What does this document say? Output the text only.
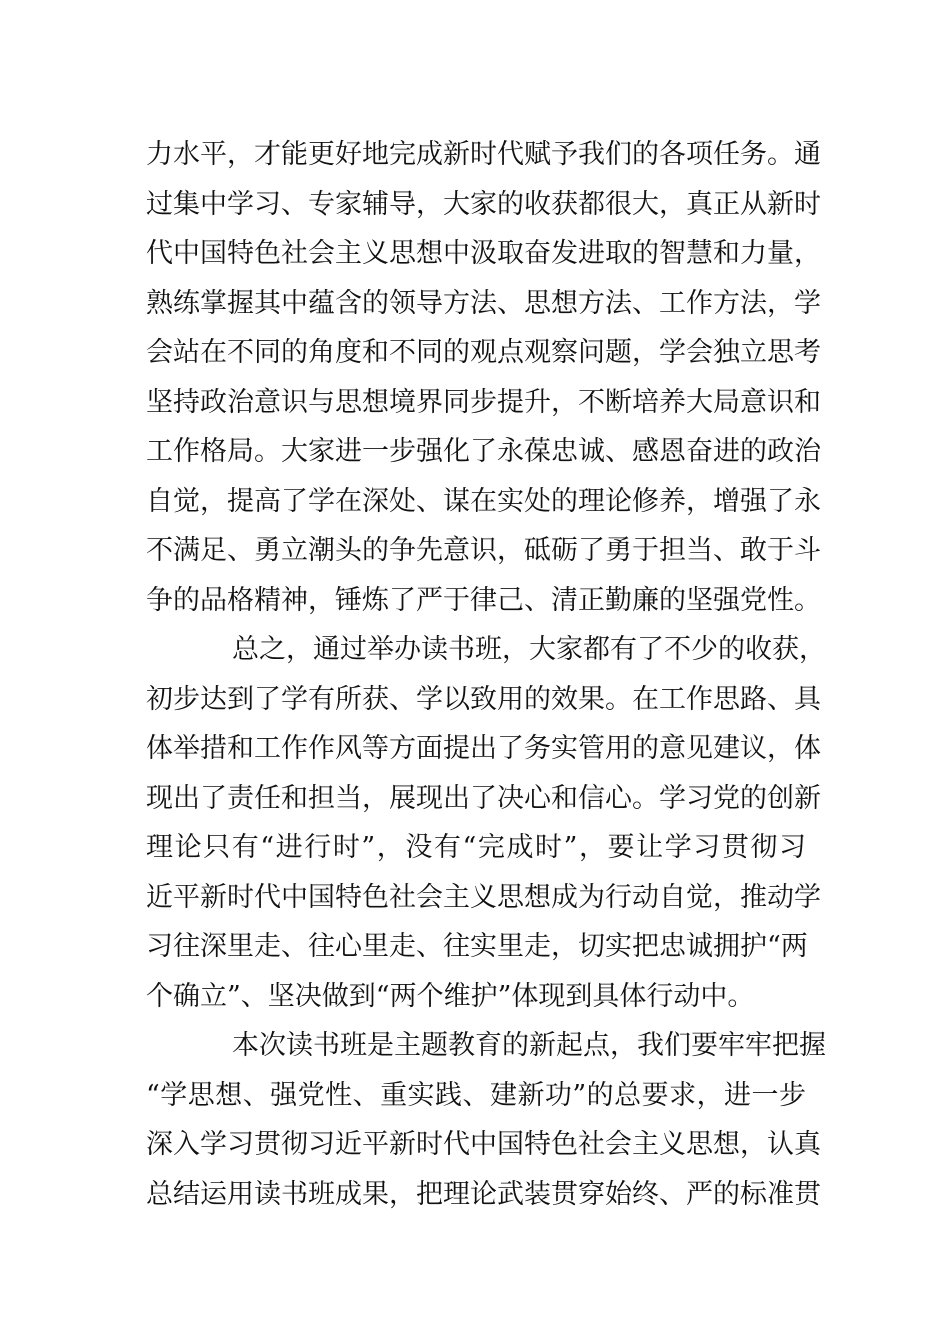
力水平，才能更好地完成新时代赋予我们的各项任务。通
过集中学习、专家辅导，大家的收获都很大，真正从新时
代中国特色社会主义思想中汲取奋发进取的智慧和力量，
熟练掌握其中蕴含的领导方法、思想方法、工作方法，学
会站在不同的角度和不同的观点观察问题，学会独立思考
坚持政治意识与思想境界同步提升，不断培养大局意识和
工作格局。大家进一步强化了永葆忠诚、感恩奋进的政治
自觉，提高了学在深处、谋在实处的理论修养，增强了永
不满足、勇立潮头的争先意识，砥砺了勇于担当、敢于斗
争的品格精神，锤炼了严于律己、清正勤廉的坚强党性。
总之，通过举办读书班，大家都有了不少的收获，
初步达到了学有所获、学以致用的效果。在工作思路、具
体举措和工作作风等方面提出了务实管用的意见建议，体
现出了责任和担当，展现出了决心和信心。学习党的创新
理论只有“进行时”，没有“完成时”，要让学习贯彻习
近平新时代中国特色社会主义思想成为行动自觉，推动学
习往深里走、往心里走、往实里走，切实把忠诚拥护“两
个确立”、坚决做到“两个维护”体现到具体行动中。
本次读书班是主题教育的新起点，我们要牢牢把握
“学思想、强党性、重实践、建新功”的总要求，进一步
深入学习贯彻习近平新时代中国特色社会主义思想，认真
总结运用读书班成果，把理论武装贯穿始终、严的标准贯
